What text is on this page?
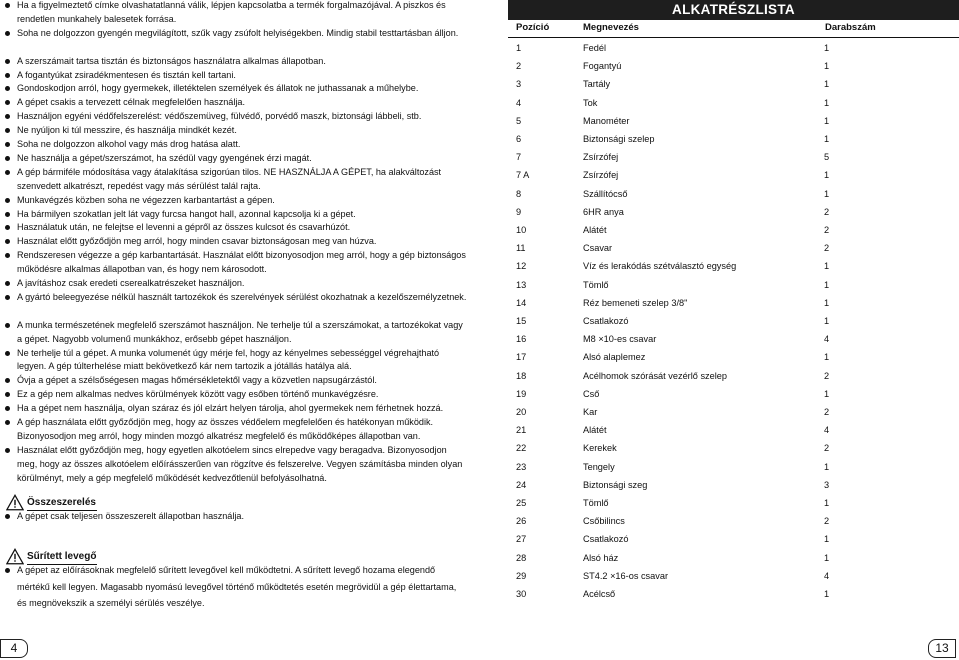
Ha a figyelmeztető címke olvashatatlanná válik, lépjen kapcsolatba a termék forgalmazójával. A piszkos és rendetlen munkahely balesetek forrása.
Soha ne dolgozzon gyengén megvilágított, szűk vagy zsúfolt helyiségekben. Mindig stabil testtartásban álljon.
A szerszámait tartsa tisztán és biztonságos használatra alkalmas állapotban.
A fogantyúkat zsiradékmentesen és tisztán kell tartani.
Gondoskodjon arról, hogy gyermekek, illetéktelen személyek és állatok ne juthassanak a műhelybe.
A gépet csakis a tervezett célnak megfelelően használja.
Használjon egyéni védőfelszerelést: védőszemüveg, fülvédő, porvédő maszk, biztonsági lábbeli, stb.
Ne nyúljon ki túl messzire, és használja mindkét kezét.
Soha ne dolgozzon alkohol vagy más drog hatása alatt.
Ne használja a gépet/szerszámot, ha szédül vagy gyengének érzi magát.
A gép bármiféle módosítása vagy átalakítása szigorúan tilos. NE HASZNÁLJA A GÉPET, ha alakváltozást szenvedett alkatrészt, repedést vagy más sérülést talál rajta.
Munkavégzés közben soha ne végezzen karbantartást a gépen.
Ha bármilyen szokatlan jelt lát vagy furcsa hangot hall, azonnal kapcsolja ki a gépet.
Használatuk után, ne felejtse el levenni a gépről az összes kulcsot és csavarhúzót.
Használat előtt győződjön meg arról, hogy minden csavar biztonságosan meg van húzva.
Rendszeresen végezze a gép karbantartását. Használat előtt bizonyosodjon meg arról, hogy a gép biztonságos működésre alkalmas állapotban van, és hogy nem károsodott.
A javításhoz csak eredeti cserealkatrészeket használjon.
A gyártó beleegyezése nélkül használt tartozékok és szerelvények sérülést okozhatnak a kezelőszemélyzetnek.
A munka természetének megfelelő szerszámot használjon. Ne terhelje túl a szerszámokat, a tartozékokat vagy a gépet. Nagyobb volumenű munkákhoz, erősebb gépet használjon.
Ne terhelje túl a gépet. A munka volumenét úgy mérje fel, hogy az kényelmes sebességgel végrehajtható legyen. A gép túlterhelése miatt bekövetkező kár nem tartozik a jótállás hatálya alá.
Óvja a gépet a szélsőségesen magas hőmérsékletektől vagy a közvetlen napsugárzástól.
Ez a gép nem alkalmas nedves körülmények között vagy esőben történő munkavégzésre.
Ha a gépet nem használja, olyan száraz és jól elzárt helyen tárolja, ahol gyermekek nem férhetnek hozzá.
A gép használata előtt győződjön meg, hogy az összes védőelem megfelelően és hatékonyan működik. Bizonyosodjon meg arról, hogy minden mozgó alkatrész megfelelő és működőképes állapotban van.
Használat előtt győződjön meg, hogy egyetlen alkotóelem sincs elrepedve vagy beragadva. Bizonyosodjon meg, hogy az összes alkotóelem előírásszerűen van rögzítve és felszerelve. Vegyen számításba minden olyan körülményt, mely a gép megfelelő működését kedvezőtlenül befolyásolhatná.
Összeszerelés
A gépet csak teljesen összeszerelt állapotban használja.
Sűrített levegő
A gépet az előírásoknak megfelelő sűrített levegővel kell működtetni. A sűrített levegő hozama elegendő mértékű kell legyen. Magasabb nyomású levegővel történő működtetés esetén megrövidül a gép élettartama, és megnövekszik a személyi sérülés veszélye.
ALKATRÉSZLISTA
Pozíció	Megnevezés	Darabszám
1	Fedél	1
2	Fogantyú	1
3	Tartály	1
4	Tok	1
5	Manométer	1
6	Biztonsági szelep	1
7	Zsírzófej	5
7 A	Zsírzófej	1
8	Szállítócső	1
9	6HR anya	2
10	Alátét	2
11	Csavar	2
12	Víz és lerakódás szétválasztó egység	1
13	Tömlő	1
14	Réz bemeneti szelep 3/8"	1
15	Csatlakozó	1
16	M8 ×10-es csavar	4
17	Alsó alaplemez	1
18	Acélhomok szórását vezérlő szelep	2
19	Cső	1
20	Kar	2
21	Alátét	4
22	Kerekek	2
23	Tengely	1
24	Biztonsági szeg	3
25	Tömlő	1
26	Csőbilincs	2
27	Csatlakozó	1
28	Alsó ház	1
29	ST4.2 ×16-os csavar	4
30	Acélcső	1
4	13
